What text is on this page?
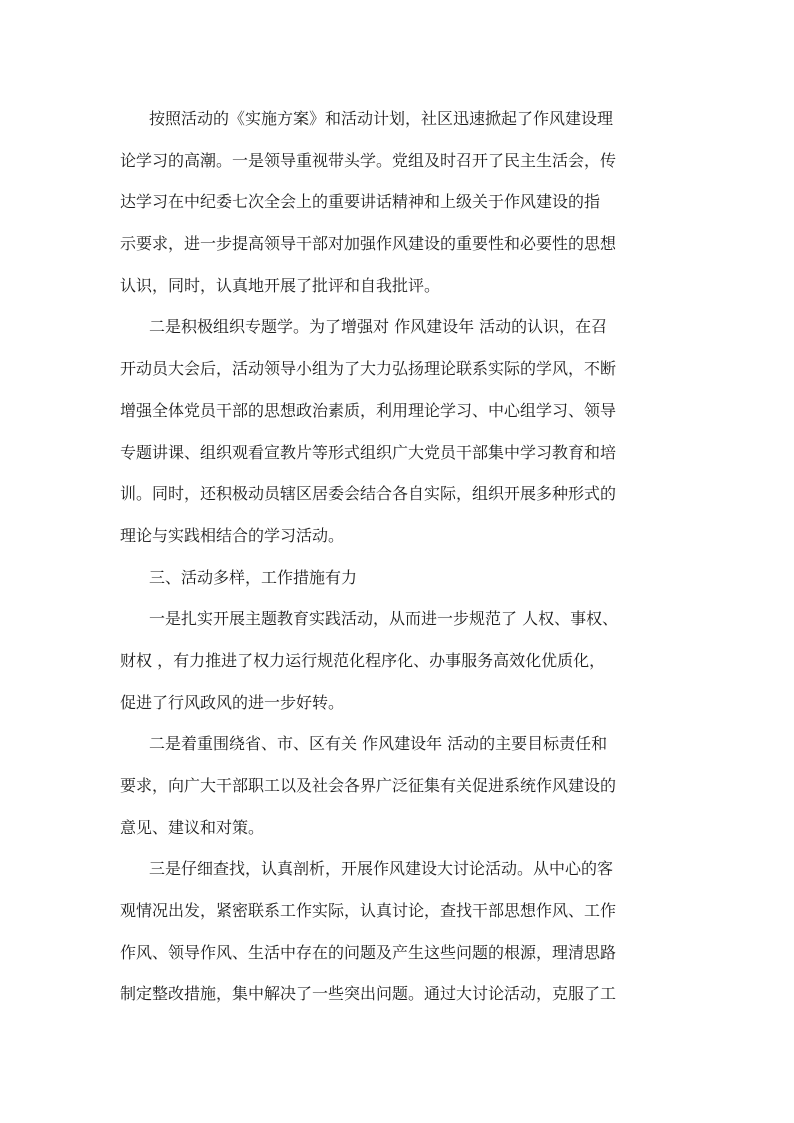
按照活动的《实施方案》和活动计划，社区迅速掀起了作风建设理
论学习的高潮。一是领导重视带头学。党组及时召开了民主生活会，传
达学习在中纪委七次全会上的重要讲话精神和上级关于作风建设的指
示要求，进一步提高领导干部对加强作风建设的重要性和必要性的思想
认识，同时，认真地开展了批评和自我批评。
二是积极组织专题学。为了增强对 作风建设年 活动的认识，在召
开动员大会后，活动领导小组为了大力弘扬理论联系实际的学风，不断
增强全体党员干部的思想政治素质，利用理论学习、中心组学习、领导
专题讲课、组织观看宣教片等形式组织广大党员干部集中学习教育和培
训。同时，还积极动员辖区居委会结合各自实际，组织开展多种形式的
理论与实践相结合的学习活动。
三、活动多样，工作措施有力
一是扎实开展主题教育实践活动，从而进一步规范了 人权、事权、
财权 ，有力推进了权力运行规范化程序化、办事服务高效化优质化，
促进了行风政风的进一步好转。
二是着重围绕省、市、区有关 作风建设年 活动的主要目标责任和
要求，向广大干部职工以及社会各界广泛征集有关促进系统作风建设的
意见、建议和对策。
三是仔细查找，认真剖析，开展作风建设大讨论活动。从中心的客
观情况出发，紧密联系工作实际，认真讨论，查找干部思想作风、工作
作风、领导作风、生活中存在的问题及产生这些问题的根源，理清思路
制定整改措施，集中解决了一些突出问题。通过大讨论活动，克服了工
